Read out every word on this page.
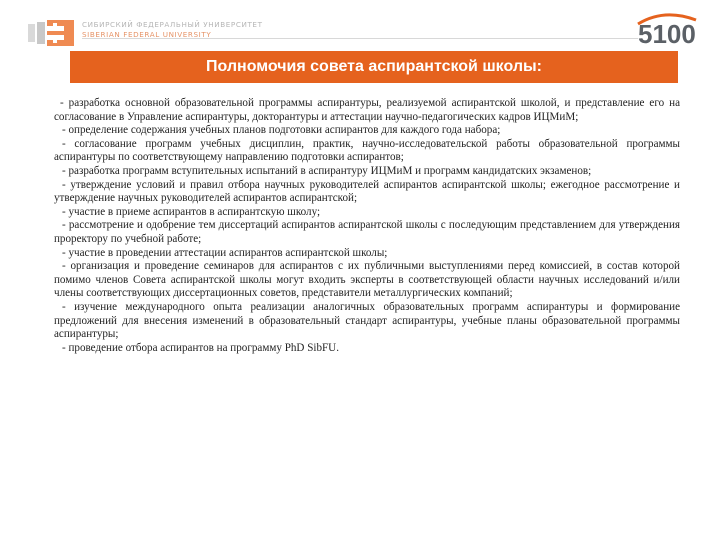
СИБИРСКИЙ ФЕДЕРАЛЬНЫЙ УНИВЕРСИТЕТ
SIBERIAN FEDERAL UNIVERSITY	5100
Полномочия совета аспирантской школы:

- разработка основной образовательной программы аспирантуры, реализуемой аспирантской школой, и представление его на согласование в Управление аспирантуры, докторантуры и аттестации научно-педагогических кадров ИЦМиМ;

- определение содержания учебных планов подготовки аспирантов для каждого года набора;

- согласование программ учебных дисциплин, практик, научно-исследовательской работы образовательной программы аспирантуры по соответствующему направлению подготовки аспирантов;

- разработка программ вступительных испытаний в аспирантуру ИЦМиМ и программ кандидатских экзаменов;

- утверждение условий и правил отбора научных руководителей аспирантов аспирантской школы; ежегодное рассмотрение и утверждение научных руководителей аспирантов аспирантской;

- участие в приеме аспирантов в аспирантскую школу;

- рассмотрение и одобрение тем диссертаций аспирантов аспирантской школы с последующим представлением для утверждения проректору по учебной работе;

- участие в проведении аттестации аспирантов аспирантской школы;

- организация и проведение семинаров для аспирантов с их публичными выступлениями перед комиссией, в состав которой помимо членов Совета аспирантской школы могут входить эксперты в соответствующей области научных исследований и/или члены соответствующих диссертационных советов, представители металлургических компаний;

- изучение международного опыта реализации аналогичных образовательных программ аспирантуры и формирование предложений для внесения изменений в образовательный стандарт аспирантуры, учебные планы образовательной программы аспирантуры;

- проведение отбора аспирантов на программу PhD SibFU.
